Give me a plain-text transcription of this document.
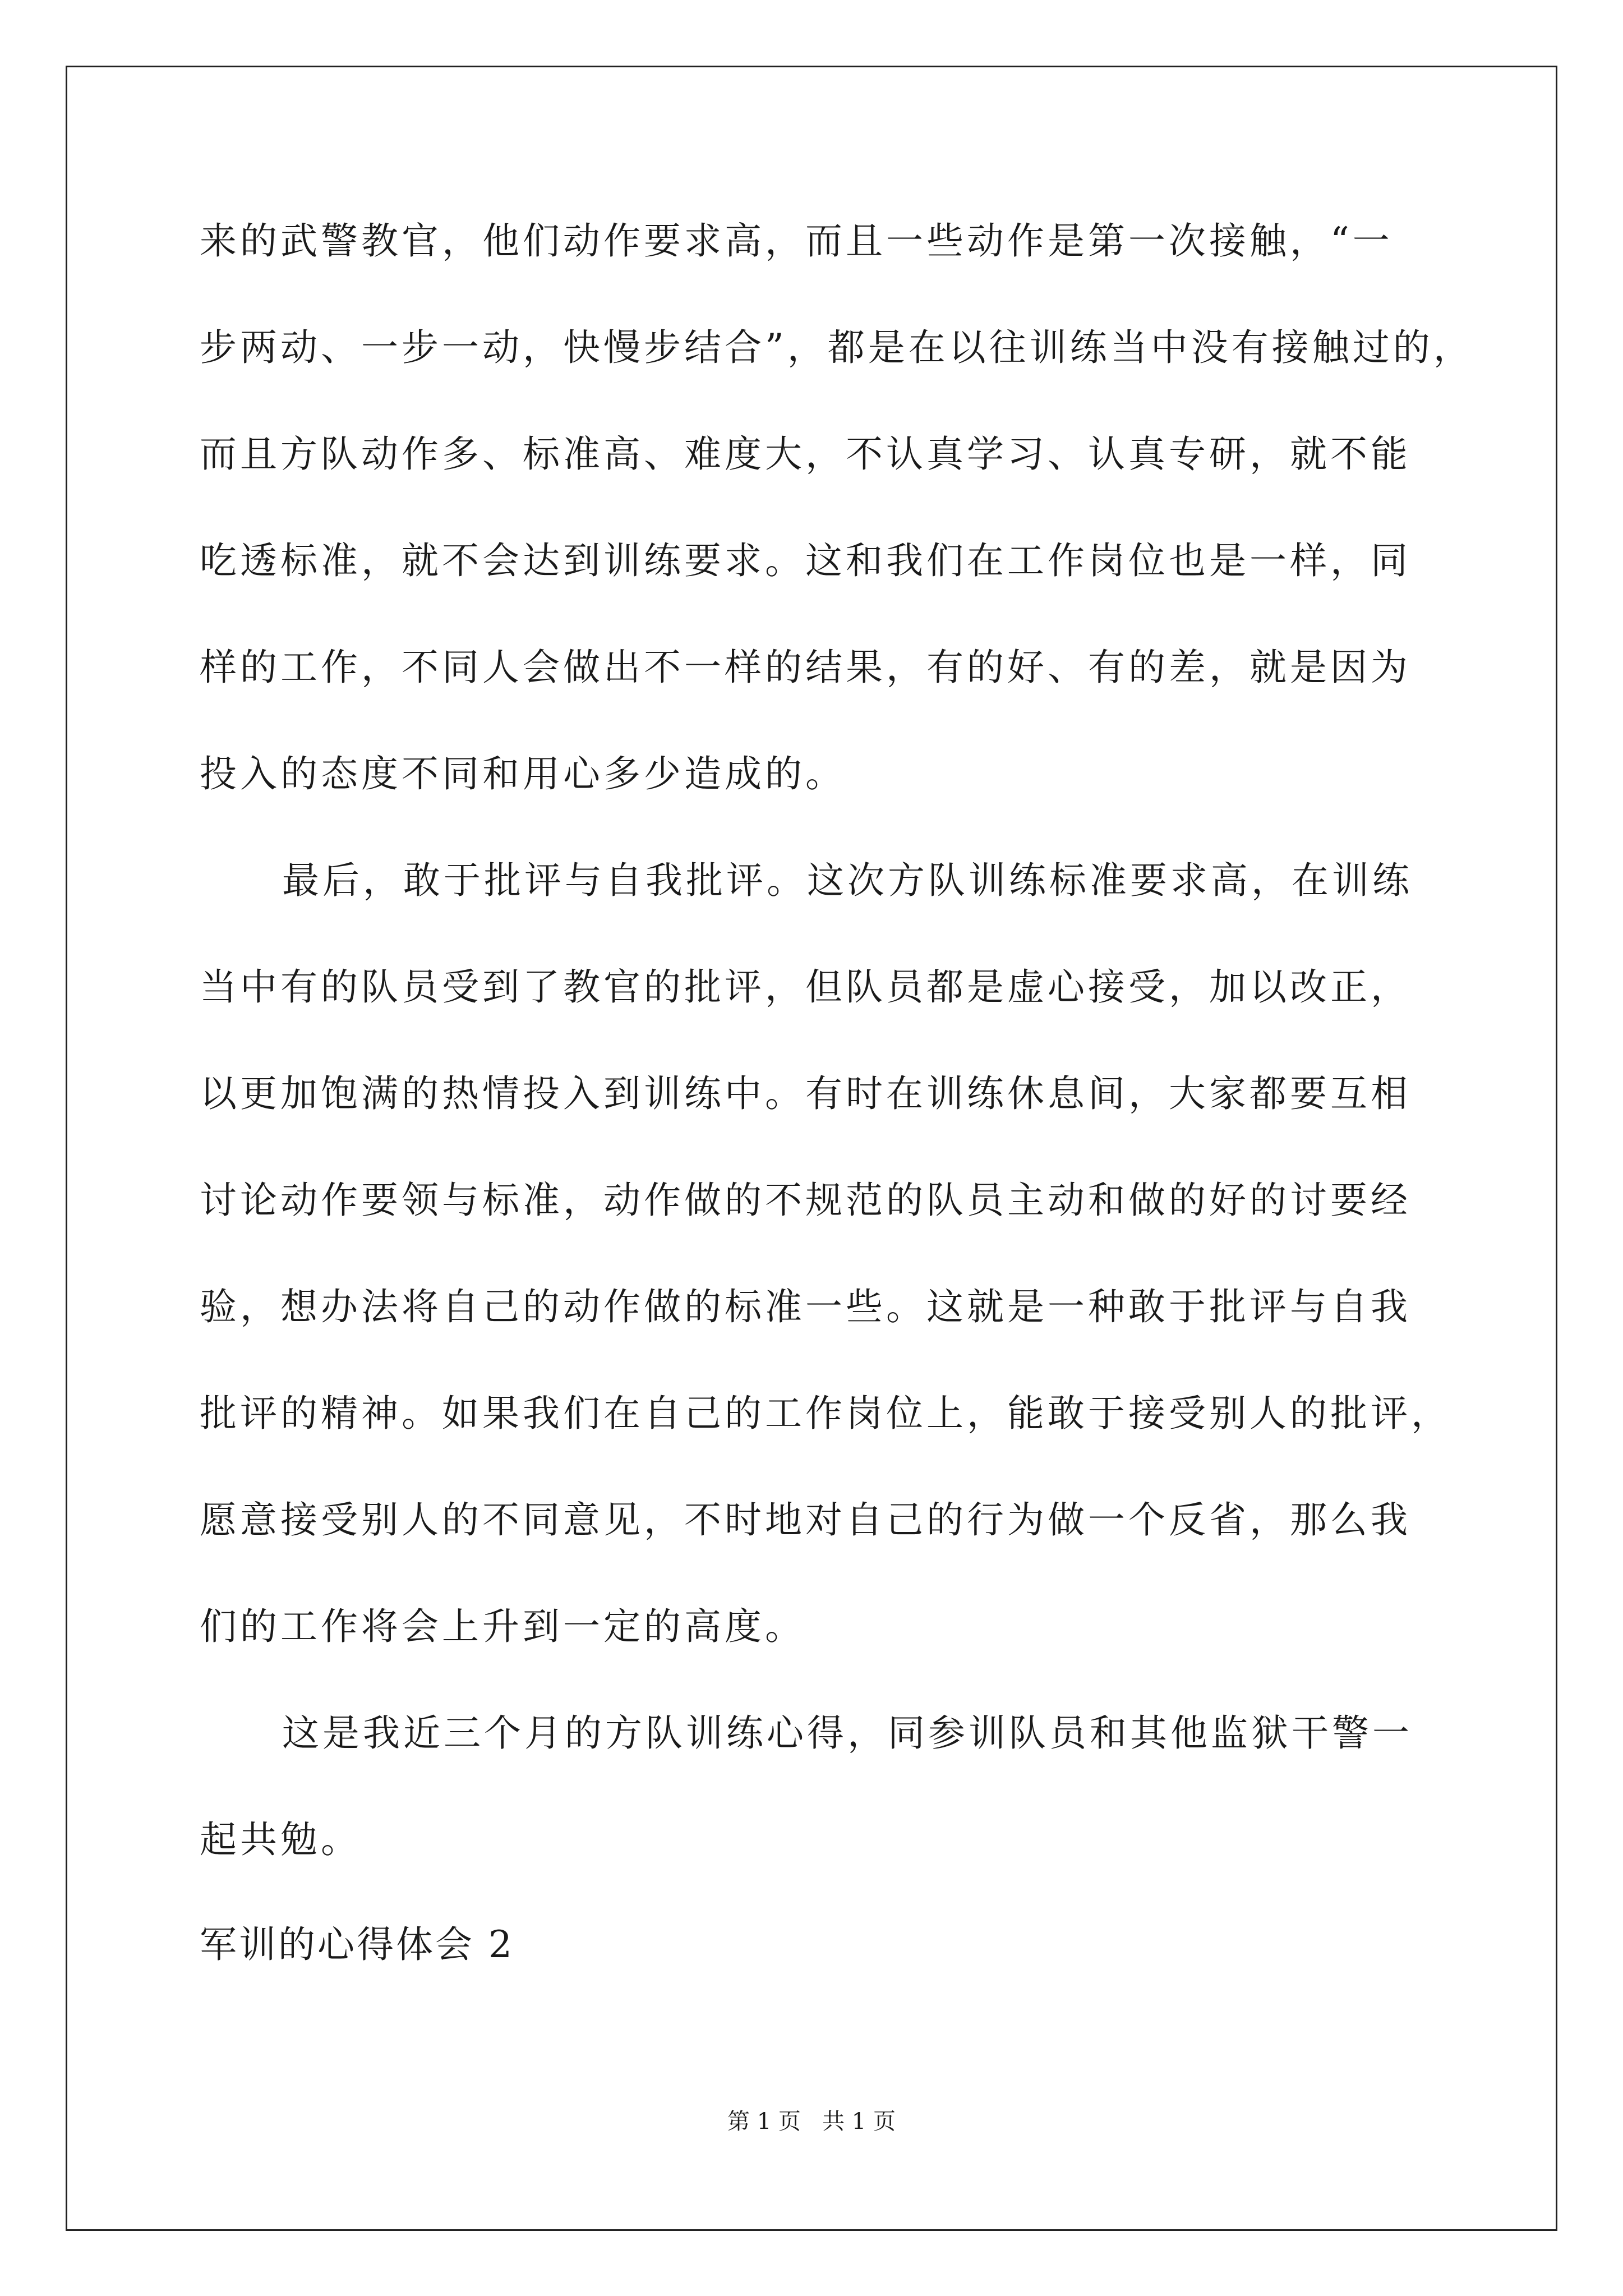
来的武警教官，他们动作要求高，而且一些动作是第一次接触，“一
步两动、一步一动，快慢步结合”，都是在以往训练当中没有接触过的，
而且方队动作多、标准高、难度大，不认真学习、认真专研，就不能
吃透标准，就不会达到训练要求。这和我们在工作岗位也是一样，同
样的工作，不同人会做出不一样的结果，有的好、有的差，就是因为
投入的态度不同和用心多少造成的。
最后，敢于批评与自我批评。这次方队训练标准要求高，在训练
当中有的队员受到了教官的批评，但队员都是虚心接受，加以改正，
以更加饱满的热情投入到训练中。有时在训练休息间，大家都要互相
讨论动作要领与标准，动作做的不规范的队员主动和做的好的讨要经
验，想办法将自己的动作做的标准一些。这就是一种敢于批评与自我
批评的精神。如果我们在自己的工作岗位上，能敢于接受别人的批评，
愿意接受别人的不同意见，不时地对自己的行为做一个反省，那么我
们的工作将会上升到一定的高度。
这是我近三个月的方队训练心得，同参训队员和其他监狱干警一
起共勉。
军训的心得体会 2
第 1 页   共 1 页
